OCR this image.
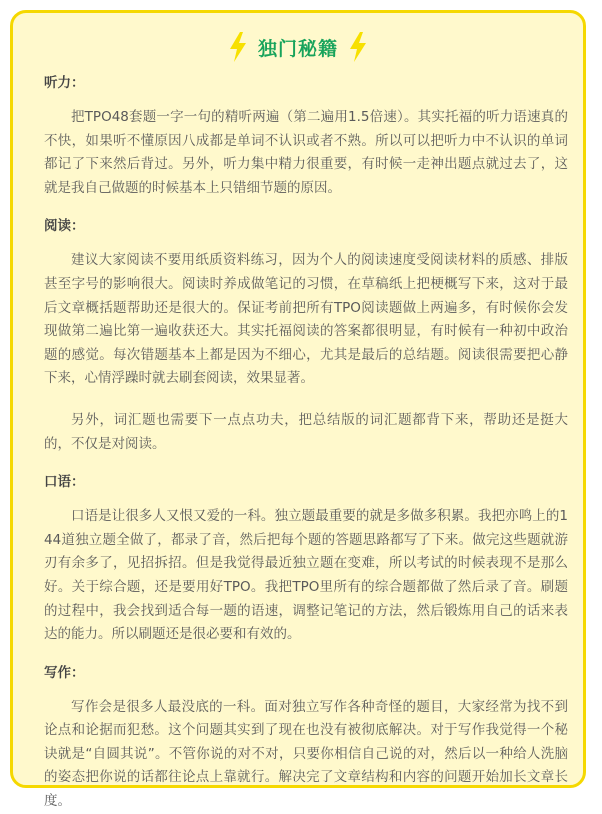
独门秘籍

听力：

把TPO48套题一字一句的精听两遍（第二遍用1.5倍速）。其实托福的听力语速真的不快，如果听不懂原因八成都是单词不认识或者不熟。所以可以把听力中不认识的单词都记了下来然后背过。另外，听力集中精力很重要，有时候一走神出题点就过去了，这就是我自己做题的时候基本上只错细节题的原因。

阅读：

建议大家阅读不要用纸质资料练习，因为个人的阅读速度受阅读材料的质感、排版甚至字号的影响很大。阅读时养成做笔记的习惯，在草稿纸上把梗概写下来，这对于最后文章概括题帮助还是很大的。保证考前把所有TPO阅读题做上两遍多，有时候你会发现做第二遍比第一遍收获还大。其实托福阅读的答案都很明显，有时候有一种初中政治题的感觉。每次错题基本上都是因为不细心，尤其是最后的总结题。阅读很需要把心静下来，心情浮躁时就去刷套阅读，效果显著。

另外，词汇题也需要下一点点功夫，把总结版的词汇题都背下来，帮助还是挺大的，不仅是对阅读。

口语：

口语是让很多人又恨又爱的一科。独立题最重要的就是多做多积累。我把亦鸣上的144道独立题全做了，都录了音，然后把每个题的答题思路都写了下来。做完这些题就游刃有余多了，见招拆招。但是我觉得最近独立题在变难，所以考试的时候表现不是那么好。关于综合题，还是要用好TPO。我把TPO里所有的综合题都做了然后录了音。刷题的过程中，我会找到适合每一题的语速，调整记笔记的方法，然后锻炼用自己的话来表达的能力。所以刷题还是很必要和有效的。

写作：

写作会是很多人最没底的一科。面对独立写作各种奇怪的题目，大家经常为找不到论点和论据而犯愁。这个问题其实到了现在也没有被彻底解决。对于写作我觉得一个秘诀就是“自圆其说”。不管你说的对不对，只要你相信自己说的对，然后以一种给人洗脑的姿态把你说的话都往论点上靠就行。解决完了文章结构和内容的问题开始加长文章长度。
